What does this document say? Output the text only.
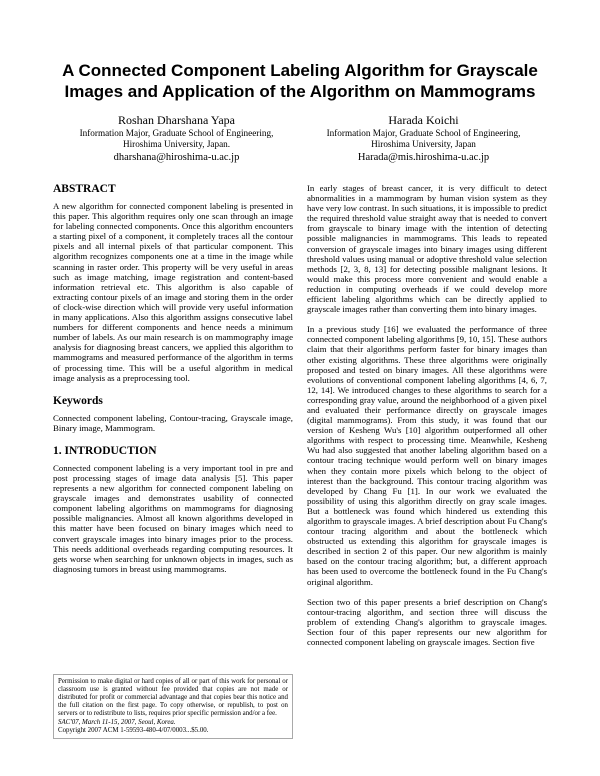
A Connected Component Labeling Algorithm for Grayscale Images and Application of the Algorithm on Mammograms
Roshan Dharshana Yapa
Information Major, Graduate School of Engineering,
Hiroshima University, Japan.
dharshana@hiroshima-u.ac.jp
Harada Koichi
Information Major, Graduate School of Engineering,
Hiroshima University, Japan
Harada@mis.hiroshima-u.ac.jp
ABSTRACT

A new algorithm for connected component labeling is presented in this paper. This algorithm requires only one scan through an image for labeling connected components. Once this algorithm encounters a starting pixel of a component, it completely traces all the contour pixels and all internal pixels of that particular component. This algorithm recognizes components one at a time in the image while scanning in raster order. This property will be very useful in areas such as image matching, image registration and content-based information retrieval etc. This algorithm is also capable of extracting contour pixels of an image and storing them in the order of clock-wise direction which will provide very useful information in many applications. Also this algorithm assigns consecutive label numbers for different components and hence needs a minimum number of labels. As our main research is on mammography image analysis for diagnosing breast cancers, we applied this algorithm to mammograms and measured performance of the algorithm in terms of processing time. This will be a useful algorithm in medical image analysis as a preprocessing tool.

Keywords

Connected component labeling, Contour-tracing, Grayscale image, Binary image, Mammogram.

1. INTRODUCTION

Connected component labeling is a very important tool in pre and post processing stages of image data analysis [5]. This paper represents a new algorithm for connected component labeling on grayscale images and demonstrates usability of connected component labeling algorithms on mammograms for diagnosing possible malignancies. Almost all known algorithms developed in this matter have been focused on binary images which need to convert grayscale images into binary images prior to the process. This needs additional overheads regarding computing resources. It gets worse when searching for unknown objects in images, such as diagnosing tumors in breast using mammograms.

Permission to make digital or hard copies of all or part of this work for personal or classroom use is granted without fee provided that copies are not made or distributed for profit or commercial advantage and that copies bear this notice and the full citation on the first page. To copy otherwise, or republish, to post on servers or to redistribute to lists, requires prior specific permission and/or a fee.

SAC'07, March 11-15, 2007, Seoul, Korea.

Copyright 2007 ACM 1-59593-480-4/07/0003...$5.00.

In early stages of breast cancer, it is very difficult to detect abnormalities in a mammogram by human vision system as they have very low contrast. In such situations, it is impossible to predict the required threshold value straight away that is needed to convert from grayscale to binary image with the intention of detecting possible malignancies in mammograms. This leads to repeated conversion of grayscale images into binary images using different threshold values using manual or adoptive threshold value selection methods [2, 3, 8, 13] for detecting possible malignant lesions. It would make this process more convenient and would enable a reduction in computing overheads if we could develop more efficient labeling algorithms which can be directly applied to grayscale images rather than converting them into binary images.

In a previous study [16] we evaluated the performance of three connected component labeling algorithms [9, 10, 15]. These authors claim that their algorithms perform faster for binary images than other existing algorithms. These three algorithms were originally proposed and tested on binary images. All these algorithms were evolutions of conventional component labeling algorithms [4, 6, 7, 12, 14]. We introduced changes to these algorithms to search for a corresponding gray value, around the neighborhood of a given pixel and evaluated their performance directly on grayscale images (digital mammograms). From this study, it was found that our version of Kesheng Wu's [10] algorithm outperformed all other algorithms with respect to processing time. Meanwhile, Kesheng Wu had also suggested that another labeling algorithm based on a contour tracing technique would perform well on binary images when they contain more pixels which belong to the object of interest than the background. This contour tracing algorithm was developed by Chang Fu [1]. In our work we evaluated the possibility of using this algorithm directly on gray scale images. But a bottleneck was found which hindered us extending this algorithm to grayscale images. A brief description about Fu Chang's contour tracing algorithm and about the bottleneck which obstructed us extending this algorithm for grayscale images is described in section 2 of this paper. Our new algorithm is mainly based on the contour tracing algorithm; but, a different approach has been used to overcome the bottleneck found in the Fu Chang's original algorithm.

Section two of this paper presents a brief description on Chang's contour-tracing algorithm, and section three will discuss the problem of extending Chang's algorithm to grayscale images. Section four of this paper represents our new algorithm for connected component labeling on grayscale images. Section five
